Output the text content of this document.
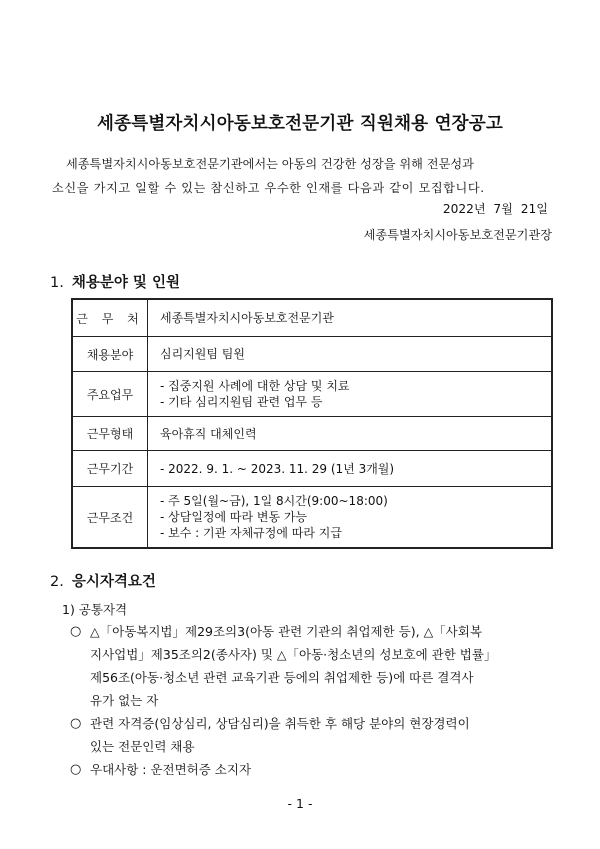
세종특별자치시아동보호전문기관 직원채용 연장공고
세종특별자치시아동보호전문기관에서는 아동의 건강한 성장을 위해 전문성과
소신을 가지고 일할 수 있는 참신하고 우수한 인재를 다음과 같이 모집합니다.
2022년  7월  21일
세종특별자치시아동보호전문기관장
1. 채용분야 및 인원
근 무 처	세종특별자치시아동보호전문기관

채용분야	심리지원팀 팀원

주요업무	- 집중지원 사례에 대한 상담 및 치료
- 기타 심리지원팀 관련 업무 등

근무형태	육아휴직 대체인력

근무기간	- 2022. 9. 1. ~ 2023. 11. 29 (1년 3개월)

근무조건	- 주 5일(월~금), 1일 8시간(9:00~18:00)
- 상담일정에 따라 변동 가능
- 보수 : 기관 자체규정에 따라 지급
2. 응시자격요건
1) 공통자격
○ △「아동복지법」제29조의3(아동 관련 기관의 취업제한 등), △「사회복
지사업법」제35조의2(종사자) 및 △「아동·청소년의 성보호에 관한 법률」
제56조(아동·청소년 관련 교육기관 등에의 취업제한 등)에 따른 결격사
유가 없는 자
○ 관련 자격증(임상심리, 상담심리)을 취득한 후 해당 분야의 현장경력이
있는 전문인력 채용
○ 우대사항 : 운전면허증 소지자
- 1 -
